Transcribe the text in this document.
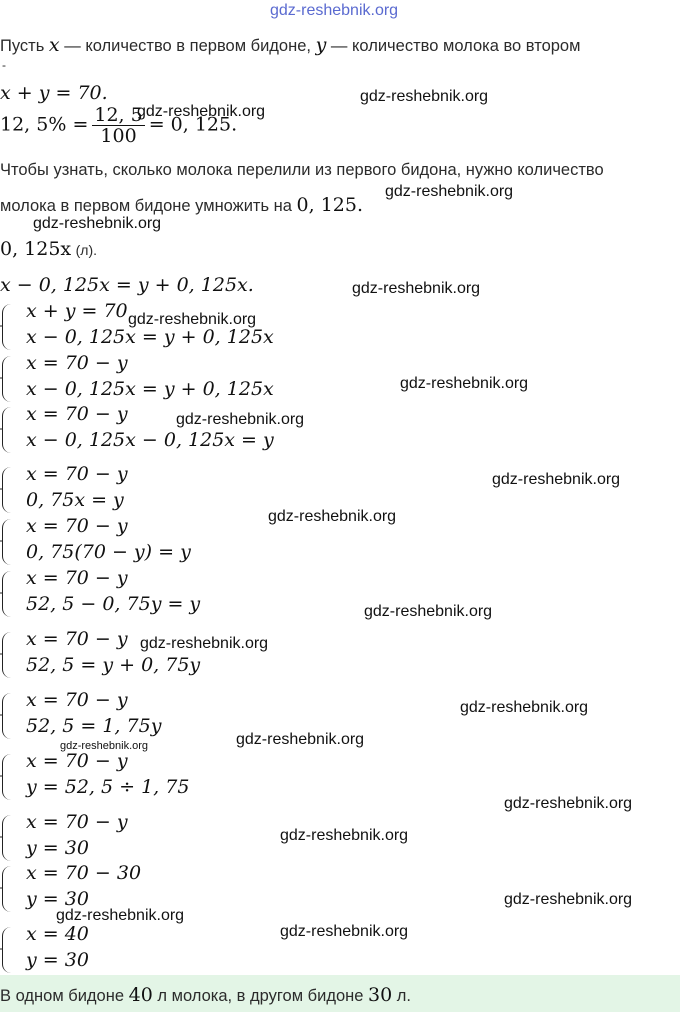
gdz-reshebnik.org
Пусть x — количество в первом бидоне, y — количество молока во втором
-
x + y = 70.
12, $5\% = \frac{12, 5}{100} = 0$, 125.
Чтобы узнать, сколько молока перелили из первого бидона, нужно количество
молока в первом бидоне умножить на 0, 125.
0, 125x (л).
x − 0, 125x = y + 0, 125x.
x + y = 70
x − 0, 125x = y + 0, 125x
x = 70 − y
x − 0, 125x = y + 0, 125x
x = 70 − y
x − 0, 125x − 0, 125x = y
x = 70 − y
0, 75x = y
x = 70 − y
0, 75(70 − y) = y
x = 70 − y
52, 5 − 0, 75y = y
x = 70 − y
52, 5 = y + 0, 75y
x = 70 − y
52, 5 = 1, 75y
x = 70 − y
y = 52, 5 ÷ 1, 75
x = 70 − y
y = 30
x = 70 − 30
y = 30
x = 40
y = 30
gdz-reshebnik.org
gdz-reshebnik.org
gdz-reshebnik.org
gdz-reshebnik.org
gdz-reshebnik.org
gdz-reshebnik.org
gdz-reshebnik.org
gdz-reshebnik.org
gdz-reshebnik.org
gdz-reshebnik.org
gdz-reshebnik.org
gdz-reshebnik.org
gdz-reshebnik.org
gdz-reshebnik.org
gdz-reshebnik.org
gdz-reshebnik.org
gdz-reshebnik.org
gdz-reshebnik.org
gdz-reshebnik.org
gdz-reshebnik.org
В одном бидоне 40 л молока, в другом бидоне 30 л.
